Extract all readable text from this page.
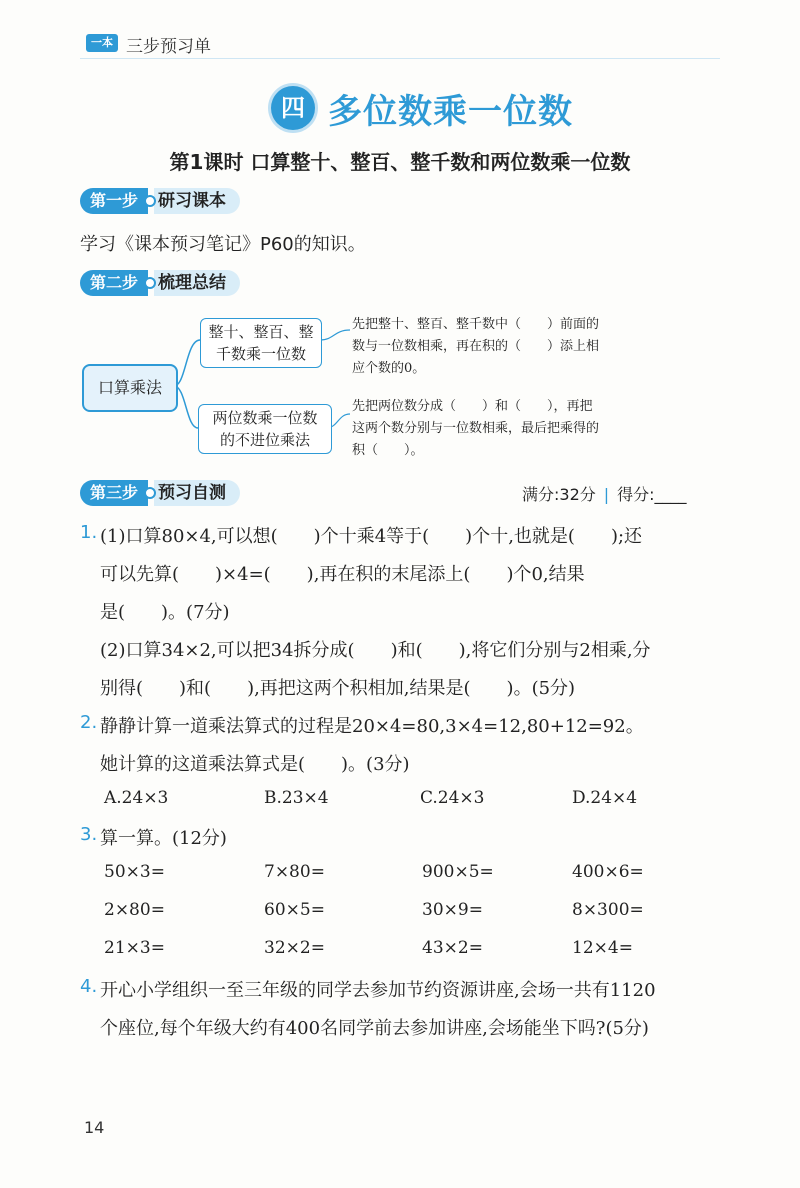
一本 三步预习单
四 多位数乘一位数
第1课时 口算整十、整百、整千数和两位数乘一位数
第一步	研习课本
学习《课本预习笔记》P60的知识。
第二步	梳理总结
口算乘法
整十、整百、整
千数乘一位数
两位数乘一位数
的不进位乘法
先把整十、整百、整千数中（　　）前面的
数与一位数相乘，再在积的（　　）添上相
应个数的0。
先把两位数分成（　　）和（　　），再把
这两个数分别与一位数相乘，最后把乘得的
积（　　）。
第三步	预习自测	满分:32分 | 得分:____
1. (1)口算80×4,可以想(　　)个十乘4等于(　　)个十,也就是(　　);还
可以先算(　　)×4=(　　),再在积的末尾添上(　　)个0,结果
是(　　)。(7分)
(2)口算34×2,可以把34拆分成(　　)和(　　),将它们分别与2相乘,分
别得(　　)和(　　),再把这两个积相加,结果是(　　)。(5分)
2. 静静计算一道乘法算式的过程是20×4=80,3×4=12,80+12=92。
她计算的这道乘法算式是(　　)。(3分)
A.24×3	B.23×4	C.24×3	D.24×4
3. 算一算。(12分)
50×3=	7×80=	900×5=	400×6=
2×80=	60×5=	30×9=	8×300=
21×3=	32×2=	43×2=	12×4=
4. 开心小学组织一至三年级的同学去参加节约资源讲座,会场一共有1120
个座位,每个年级大约有400名同学前去参加讲座,会场能坐下吗?(5分)
14
